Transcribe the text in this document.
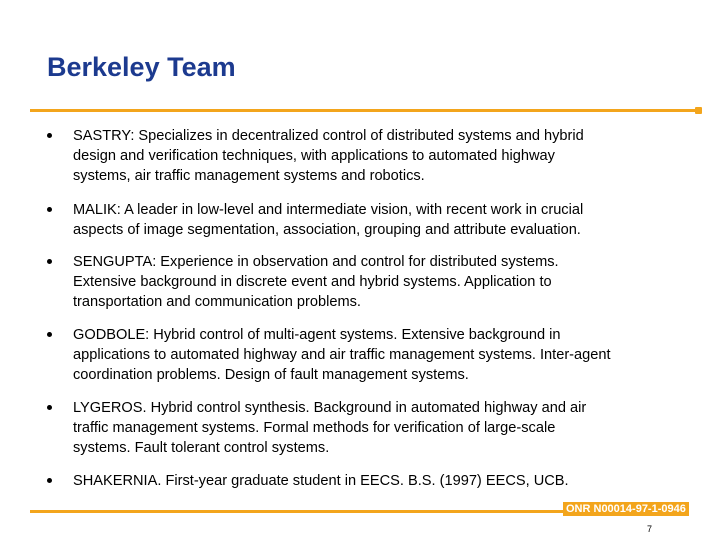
Berkeley Team
SASTRY: Specializes in decentralized control of distributed systems and hybrid
design and verification techniques, with applications to automated highway
systems, air traffic management systems and robotics.
MALIK: A leader in low-level and intermediate vision, with recent work in crucial
aspects of image segmentation, association, grouping and attribute evaluation.
SENGUPTA: Experience in observation and control for distributed systems.
Extensive background in discrete event and hybrid systems. Application to
transportation and communication problems.
GODBOLE: Hybrid control of multi-agent systems. Extensive background in
applications to automated highway and air traffic management systems. Inter-agent
coordination problems. Design of fault management systems.
LYGEROS. Hybrid control synthesis. Background in automated highway and air
traffic management systems. Formal methods for verification of large-scale
systems. Fault tolerant control systems.
SHAKERNIA. First-year graduate student in EECS. B.S. (1997) EECS, UCB.
ONR N00014-97-1-0946
7
